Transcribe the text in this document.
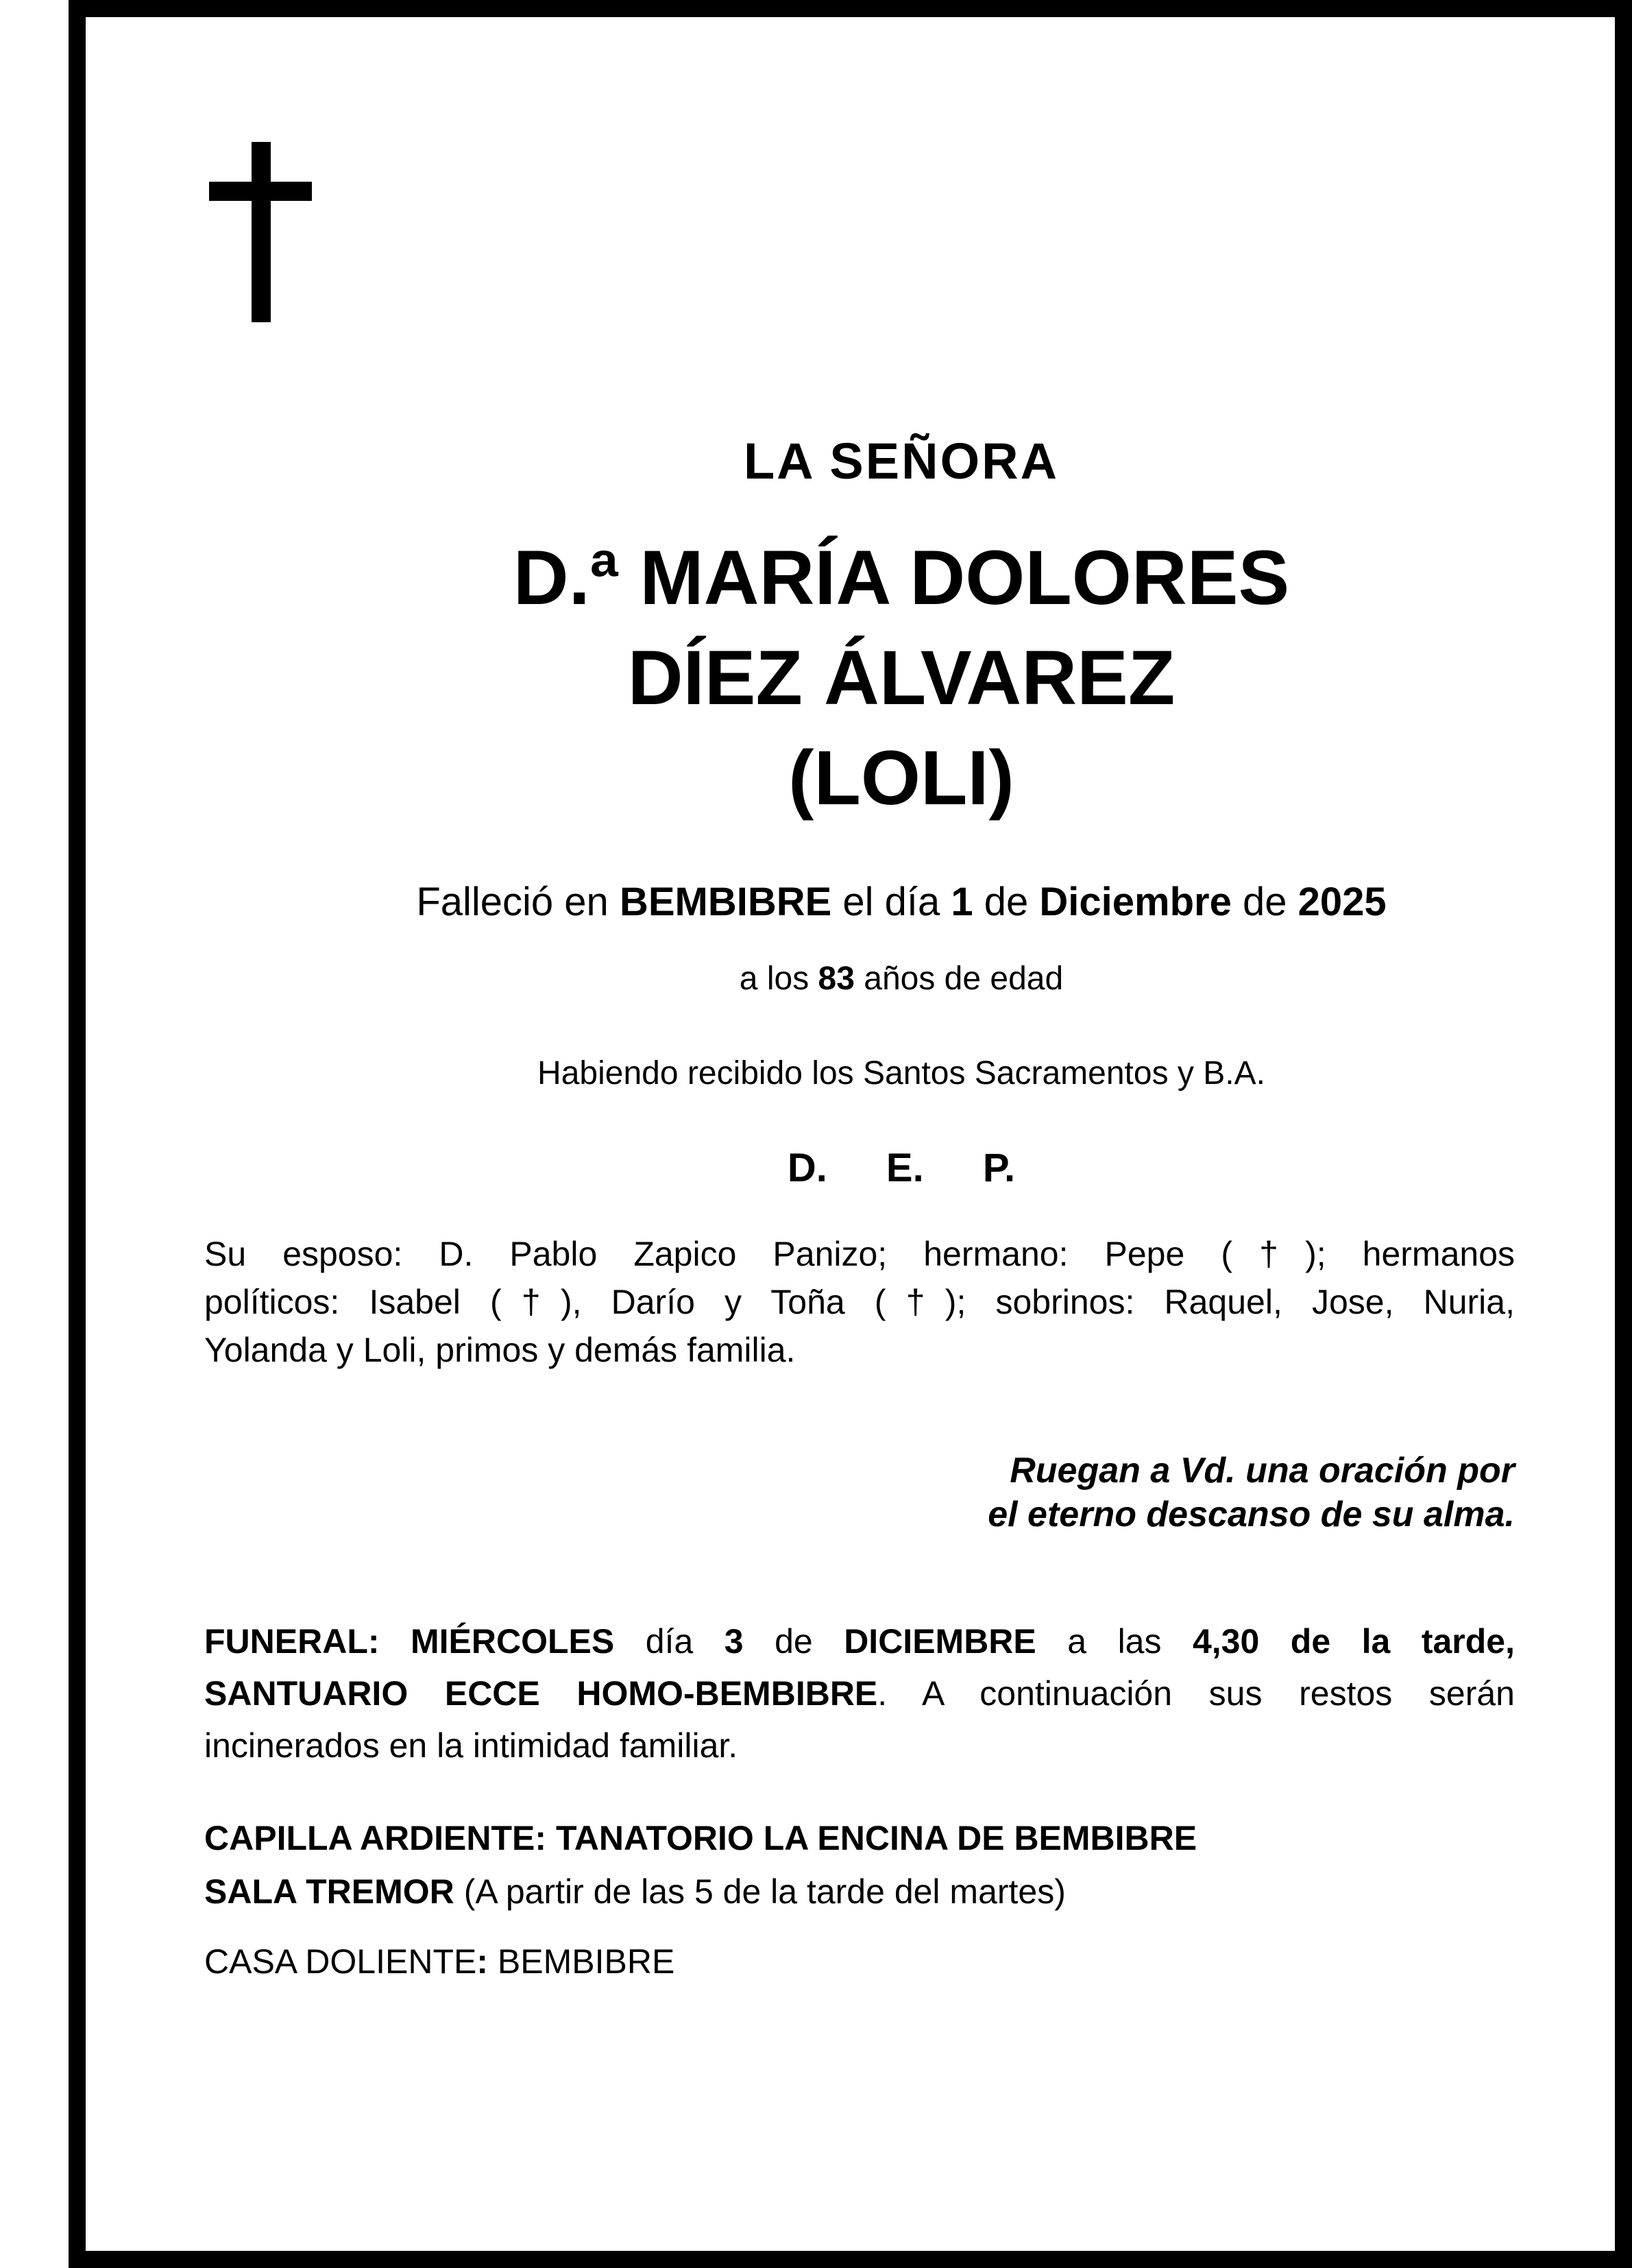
LA SEÑORA
D.ª MARÍA DOLORES
DÍEZ ÁLVAREZ
(LOLI)
Falleció en BEMBIBRE el día 1 de Diciembre de 2025
a los 83 años de edad
Habiendo recibido los Santos Sacramentos y B.A.
D. E. P.
Su esposo: D. Pablo Zapico Panizo; hermano: Pepe (†); hermanos
políticos: Isabel (†), Darío y Toña (†); sobrinos: Raquel, Jose, Nuria,
Yolanda y Loli, primos y demás familia.
Ruegan a Vd. una oración por
el eterno descanso de su alma.
FUNERAL: MIÉRCOLES día 3 de DICIEMBRE a las 4,30 de la tarde,
SANTUARIO ECCE HOMO-BEMBIBRE. A continuación sus restos serán
incinerados en la intimidad familiar.
CAPILLA ARDIENTE: TANATORIO LA ENCINA DE BEMBIBRE
SALA TREMOR (A partir de las 5 de la tarde del martes)
CASA DOLIENTE: BEMBIBRE
